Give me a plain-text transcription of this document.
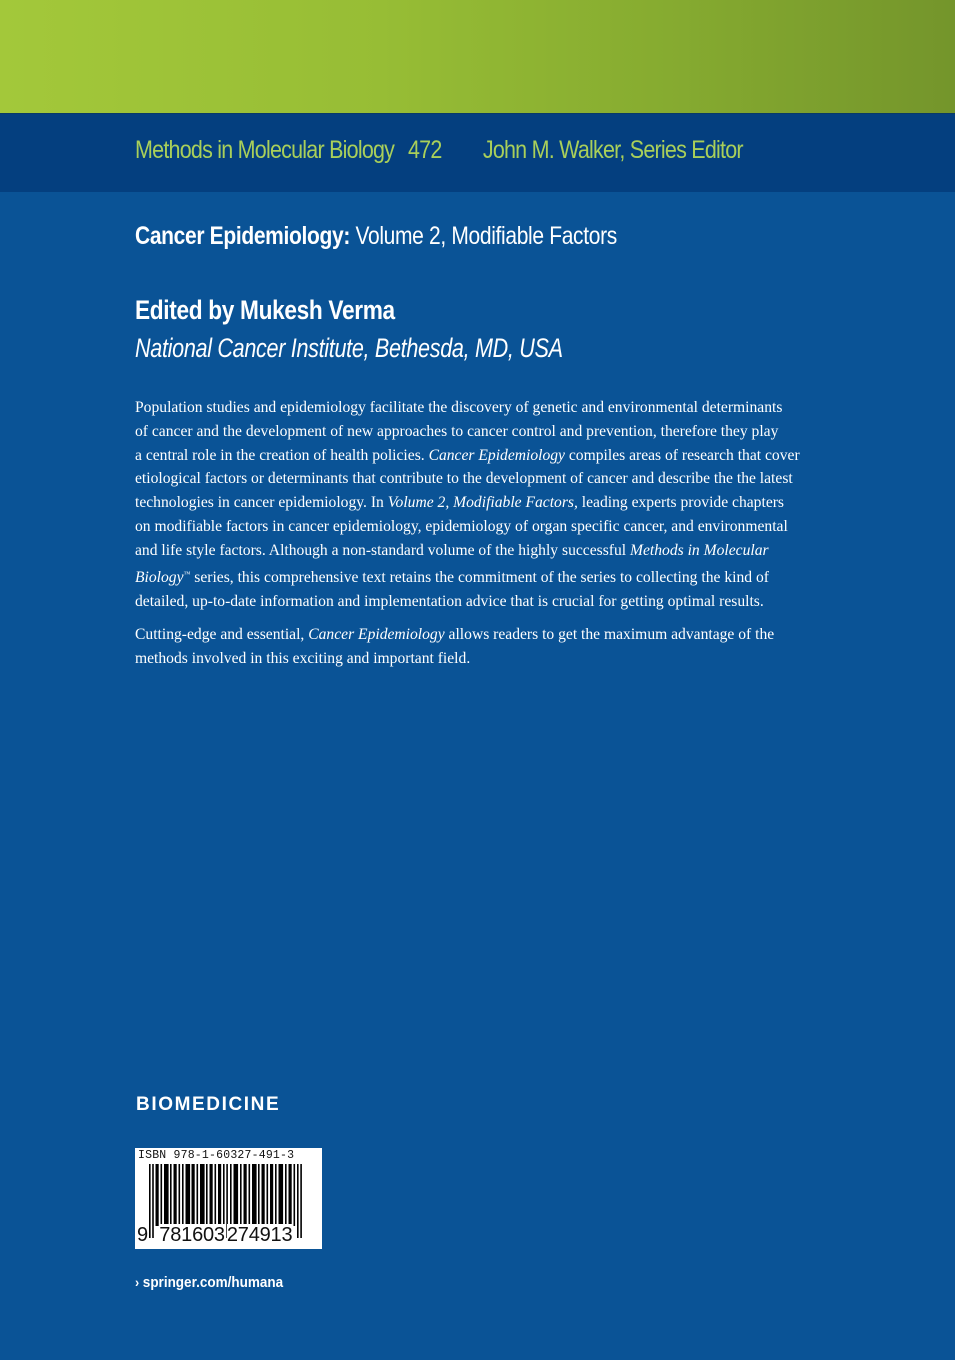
Methods in Molecular Biology 472 John M. Walker, Series Editor
Cancer Epidemiology: Volume 2, Modifiable Factors
Edited by Mukesh Verma
National Cancer Institute, Bethesda, MD, USA

Population studies and epidemiology facilitate the discovery of genetic and environmental determinants
of cancer and the development of new approaches to cancer control and prevention, therefore they play
a central role in the creation of health policies. Cancer Epidemiology compiles areas of research that cover
etiological factors or determinants that contribute to the development of cancer and describe the the latest
technologies in cancer epidemiology. In Volume 2, Modifiable Factors, leading experts provide chapters
on modifiable factors in cancer epidemiology, epidemiology of organ specific cancer, and environmental
and life style factors. Although a non-standard volume of the highly successful Methods in Molecular
Biology™ series, this comprehensive text retains the commitment of the series to collecting the kind of
detailed, up-to-date information and implementation advice that is crucial for getting optimal results.

Cutting-edge and essential, Cancer Epidemiology allows readers to get the maximum advantage of the
methods involved in this exciting and important field.

BIOMEDICINE
ISBN 978-1-60327-491-3
9 781603 274913
› springer.com/humana
